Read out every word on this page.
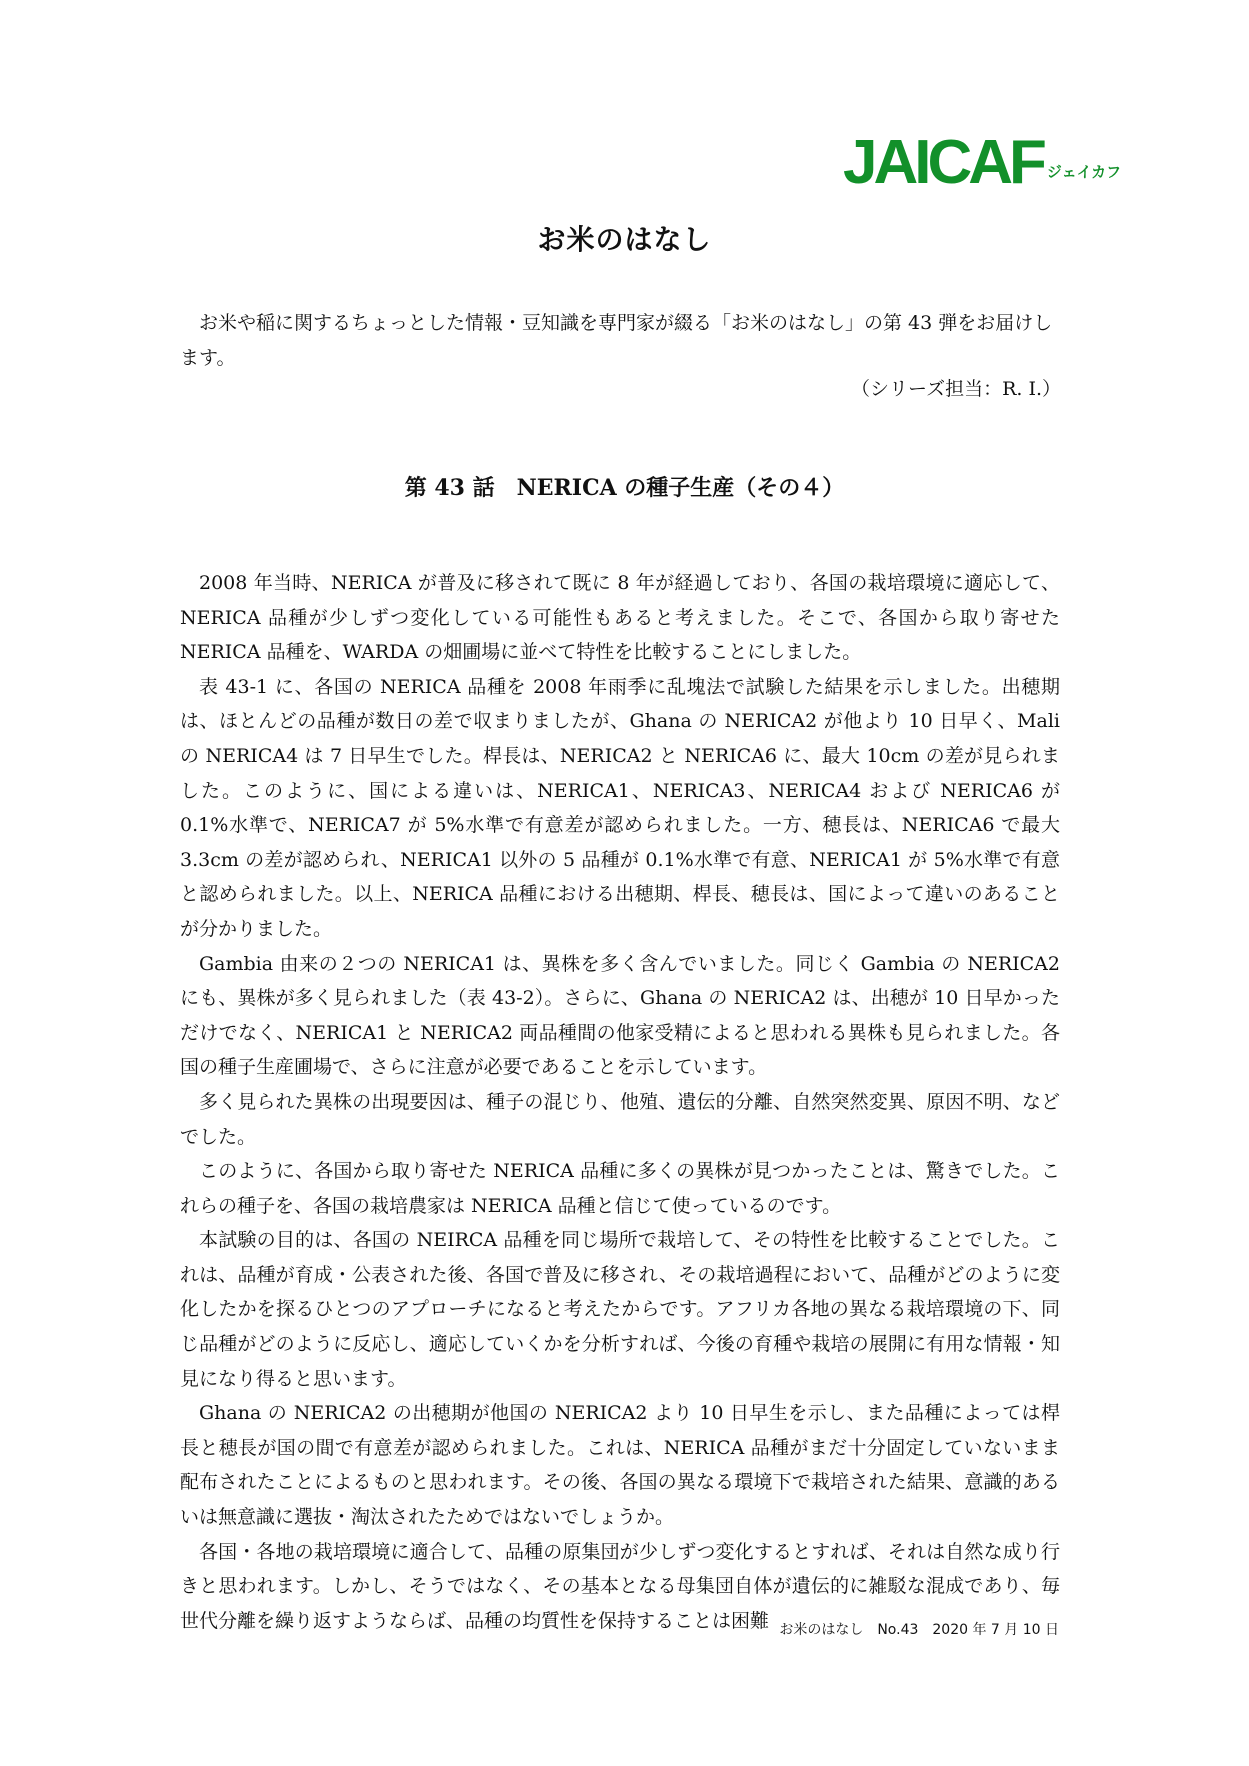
JAICAF ジェイカフ
お米のはなし

お米や稲に関するちょっとした情報・豆知識を専門家が綴る「お米のはなし」の第 43 弾をお届けします。

（シリーズ担当：R. I.）
第 43 話　NERICA の種子生産（その４）

2008 年当時、NERICA が普及に移されて既に 8 年が経過しており、各国の栽培環境に適応して、NERICA 品種が少しずつ変化している可能性もあると考えました。そこで、各国から取り寄せた NERICA 品種を、WARDA の畑圃場に並べて特性を比較することにしました。

表 43-1 に、各国の NERICA 品種を 2008 年雨季に乱塊法で試験した結果を示しました。出穂期は、ほとんどの品種が数日の差で収まりましたが、Ghana の NERICA2 が他より 10 日早く、Mali の NERICA4 は 7 日早生でした。桿長は、NERICA2 と NERICA6 に、最大 10cm の差が見られました。このように、国による違いは、NERICA1、NERICA3、NERICA4 および NERICA6 が 0.1%水準で、NERICA7 が 5%水準で有意差が認められました。一方、穂長は、NERICA6 で最大 3.3cm の差が認められ、NERICA1 以外の 5 品種が 0.1%水準で有意、NERICA1 が 5%水準で有意と認められました。以上、NERICA 品種における出穂期、桿長、穂長は、国によって違いのあることが分かりました。

Gambia 由来の２つの NERICA1 は、異株を多く含んでいました。同じく Gambia の NERICA2 にも、異株が多く見られました（表 43-2）。さらに、Ghana の NERICA2 は、出穂が 10 日早かっただけでなく、NERICA1 と NERICA2 両品種間の他家受精によると思われる異株も見られました。各国の種子生産圃場で、さらに注意が必要であることを示しています。

多く見られた異株の出現要因は、種子の混じり、他殖、遺伝的分離、自然突然変異、原因不明、などでした。

このように、各国から取り寄せた NERICA 品種に多くの異株が見つかったことは、驚きでした。これらの種子を、各国の栽培農家は NERICA 品種と信じて使っているのです。

本試験の目的は、各国の NEIRCA 品種を同じ場所で栽培して、その特性を比較することでした。これは、品種が育成・公表された後、各国で普及に移され、その栽培過程において、品種がどのように変化したかを探るひとつのアプローチになると考えたからです。アフリカ各地の異なる栽培環境の下、同じ品種がどのように反応し、適応していくかを分析すれば、今後の育種や栽培の展開に有用な情報・知見になり得ると思います。

Ghana の NERICA2 の出穂期が他国の NERICA2 より 10 日早生を示し、また品種によっては桿長と穂長が国の間で有意差が認められました。これは、NERICA 品種がまだ十分固定していないまま配布されたことによるものと思われます。その後、各国の異なる環境下で栽培された結果、意識的あるいは無意識に選抜・淘汰されたためではないでしょうか。

各国・各地の栽培環境に適合して、品種の原集団が少しずつ変化するとすれば、それは自然な成り行きと思われます。しかし、そうではなく、その基本となる母集団自体が遺伝的に雑駁な混成であり、毎世代分離を繰り返すようならば、品種の均質性を保持することは困難 お米のはなし　No.43　2020 年 7 月 10 日
